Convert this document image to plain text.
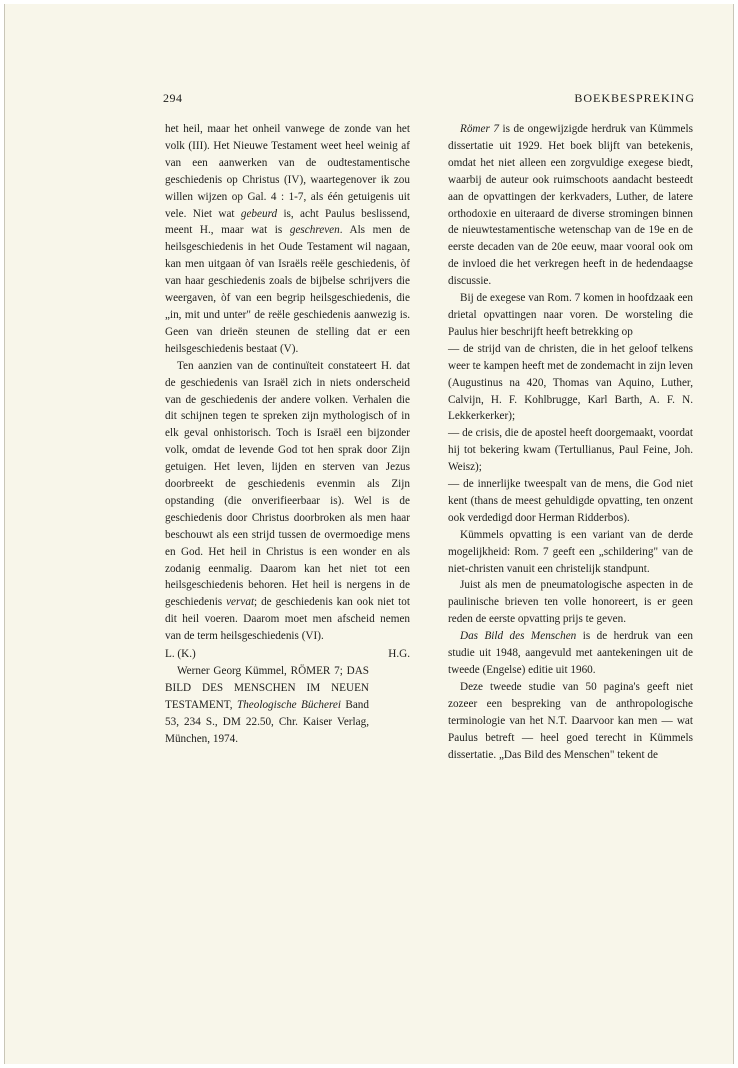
294	BOEKBESPREKING

het heil, maar het onheil vanwege de zonde van het volk (III). Het Nieuwe Testament weet heel weinig af van een aanwerken van de oudtestamentische geschiedenis op Christus (IV), waartegenover ik zou willen wijzen op Gal. 4 : 1-7, als één getuigenis uit vele. Niet wat gebeurd is, acht Paulus beslissend, meent H., maar wat is geschreven. Als men de heilsgeschiedenis in het Oude Testament wil nagaan, kan men uitgaan òf van Israëls reële geschiedenis, òf van haar geschiedenis zoals de bijbelse schrijvers die weergaven, òf van een begrip heilsgeschiedenis, die „in, mit und unter" de reële geschiedenis aanwezig is. Geen van drieën steunen de stelling dat er een heilsgeschiedenis bestaat (V).

Ten aanzien van de continuïteit constateert H. dat de geschiedenis van Israël zich in niets onderscheid van de geschiedenis der andere volken. Verhalen die dit schijnen tegen te spreken zijn mythologisch of in elk geval onhistorisch. Toch is Israël een bijzonder volk, omdat de levende God tot hen sprak door Zijn getuigen. Het leven, lijden en sterven van Jezus doorbreekt de geschiedenis evenmin als Zijn opstanding (die onverifieerbaar is). Wel is de geschiedenis door Christus doorbroken als men haar beschouwt als een strijd tussen de overmoedige mens en God. Het heil in Christus is een wonder en als zodanig eenmalig. Daarom kan het niet tot een heilsgeschiedenis behoren. Het heil is nergens in de geschiedenis vervat; de geschiedenis kan ook niet tot dit heil voeren. Daarom moet men afscheid nemen van de term heilsgeschiedenis (VI).

L. (K.)	H.G.

Werner Georg Kümmel, RÖMER 7; DAS BILD DES MENSCHEN IM NEUEN TESTAMENT, Theologische Bücherei Band 53, 234 S., DM 22.50, Chr. Kaiser Verlag, München, 1974.

Römer 7 is de ongewijzigde herdruk van Kümmels dissertatie uit 1929. Het boek blijft van betekenis, omdat het niet alleen een zorgvuldige exegese biedt, waarbij de auteur ook ruimschoots aandacht besteedt aan de opvattingen der kerkvaders, Luther, de latere orthodoxie en uiteraard de diverse stromingen binnen de nieuwtestamentische wetenschap van de 19e en de eerste decaden van de 20e eeuw, maar vooral ook om de invloed die het verkregen heeft in de hedendaagse discussie.

Bij de exegese van Rom. 7 komen in hoofdzaak een drietal opvattingen naar voren. De worsteling die Paulus hier beschrijft heeft betrekking op

— de strijd van de christen, die in het geloof telkens weer te kampen heeft met de zondemacht in zijn leven (Augustinus na 420, Thomas van Aquino, Luther, Calvijn, H. F. Kohlbrugge, Karl Barth, A. F. N. Lekkerkerker);

— de crisis, die de apostel heeft doorgemaakt, voordat hij tot bekering kwam (Tertullianus, Paul Feine, Joh. Weisz);

— de innerlijke tweespalt van de mens, die God niet kent (thans de meest gehuldigde opvatting, ten onzent ook verdedigd door Herman Ridderbos).

Kümmels opvatting is een variant van de derde mogelijkheid: Rom. 7 geeft een „schildering" van de niet-christen vanuit een christelijk standpunt.

Juist als men de pneumatologische aspecten in de paulinische brieven ten volle honoreert, is er geen reden de eerste opvatting prijs te geven.

Das Bild des Menschen is de herdruk van een studie uit 1948, aangevuld met aantekeningen uit de tweede (Engelse) editie uit 1960.

Deze tweede studie van 50 pagina's geeft niet zozeer een bespreking van de anthropologische terminologie van het N.T. Daarvoor kan men — wat Paulus betreft — heel goed terecht in Kümmels dissertatie. „Das Bild des Menschen" tekent de
